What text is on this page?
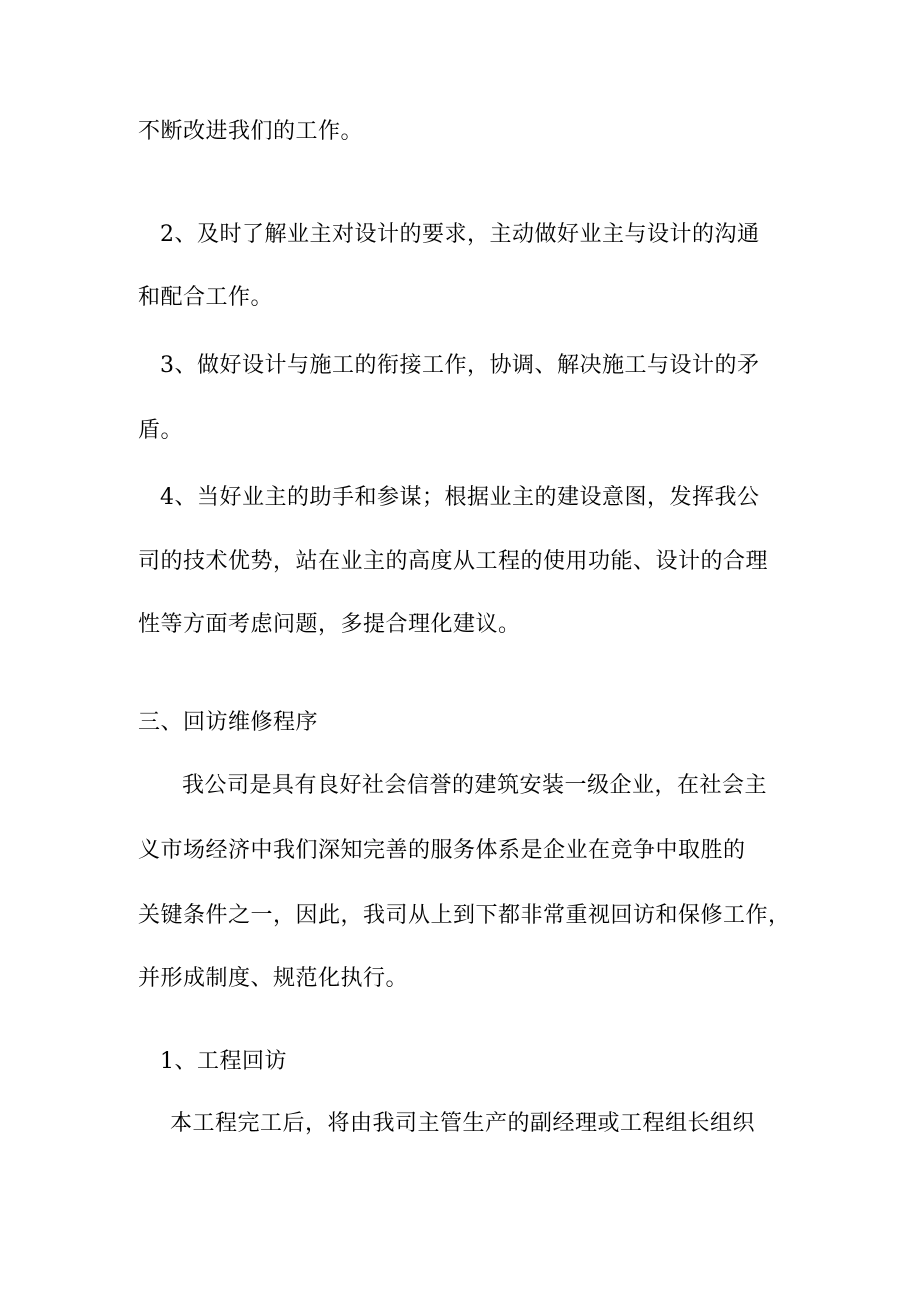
不断改进我们的工作。

2、及时了解业主对设计的要求，主动做好业主与设计的沟通

和配合工作。

3、做好设计与施工的衔接工作，协调、解决施工与设计的矛

盾。

4、当好业主的助手和参谋；根据业主的建设意图，发挥我公

司的技术优势，站在业主的高度从工程的使用功能、设计的合理

性等方面考虑问题，多提合理化建议。

三、回访维修程序

我公司是具有良好社会信誉的建筑安装一级企业，在社会主

义市场经济中我们深知完善的服务体系是企业在竞争中取胜的

关键条件之一，因此，我司从上到下都非常重视回访和保修工作，

并形成制度、规范化执行。

1、工程回访

本工程完工后，将由我司主管生产的副经理或工程组长组织
